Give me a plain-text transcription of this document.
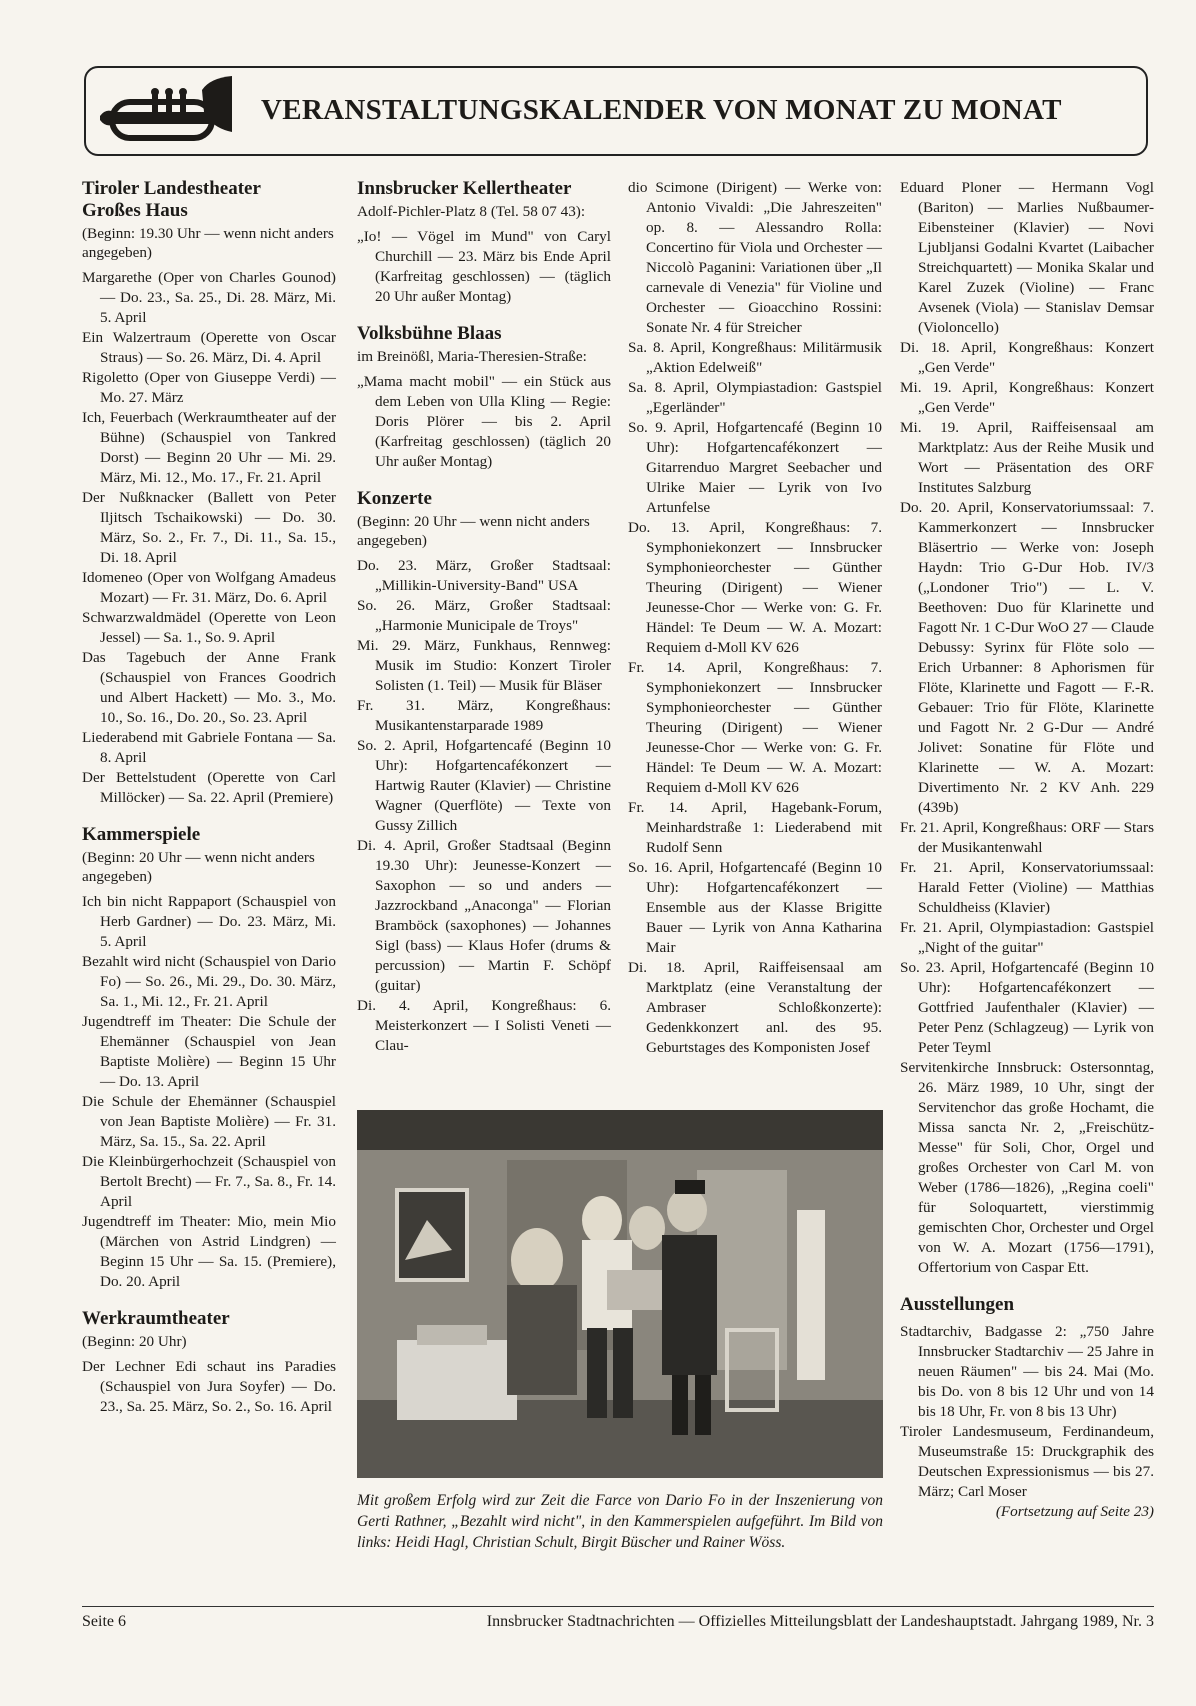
VERANSTALTUNGSKALENDER VON MONAT ZU MONAT
Tiroler Landestheater
Großes Haus
(Beginn: 19.30 Uhr — wenn nicht anders angegeben)
Margarethe (Oper von Charles Gounod) — Do. 23., Sa. 25., Di. 28. März, Mi. 5. April
Ein Walzertraum (Operette von Oscar Straus) — So. 26. März, Di. 4. April
Rigoletto (Oper von Giuseppe Verdi) — Mo. 27. März
Ich, Feuerbach (Werkraumtheater auf der Bühne) (Schauspiel von Tankred Dorst) — Beginn 20 Uhr — Mi. 29. März, Mi. 12., Mo. 17., Fr. 21. April
Der Nußknacker (Ballett von Peter Iljitsch Tschaikowski) — Do. 30. März, So. 2., Fr. 7., Di. 11., Sa. 15., Di. 18. April
Idomeneo (Oper von Wolfgang Amadeus Mozart) — Fr. 31. März, Do. 6. April
Schwarzwaldmädel (Operette von Leon Jessel) — Sa. 1., So. 9. April
Das Tagebuch der Anne Frank (Schauspiel von Frances Goodrich und Albert Hackett) — Mo. 3., Mo. 10., So. 16., Do. 20., So. 23. April
Liederabend mit Gabriele Fontana — Sa. 8. April
Der Bettelstudent (Operette von Carl Millöcker) — Sa. 22. April (Premiere)
Kammerspiele
(Beginn: 20 Uhr — wenn nicht anders angegeben)
Ich bin nicht Rappaport (Schauspiel von Herb Gardner) — Do. 23. März, Mi. 5. April
Bezahlt wird nicht (Schauspiel von Dario Fo) — So. 26., Mi. 29., Do. 30. März, Sa. 1., Mi. 12., Fr. 21. April
Jugendtreff im Theater: Die Schule der Ehemänner (Schauspiel von Jean Baptiste Molière) — Beginn 15 Uhr — Do. 13. April
Die Schule der Ehemänner (Schauspiel von Jean Baptiste Molière) — Fr. 31. März, Sa. 15., Sa. 22. April
Die Kleinbürgerhochzeit (Schauspiel von Bertolt Brecht) — Fr. 7., Sa. 8., Fr. 14. April
Jugendtreff im Theater: Mio, mein Mio (Märchen von Astrid Lindgren) — Beginn 15 Uhr — Sa. 15. (Premiere), Do. 20. April
Werkraumtheater
(Beginn: 20 Uhr)
Der Lechner Edi schaut ins Paradies (Schauspiel von Jura Soyfer) — Do. 23., Sa. 25. März, So. 2., So. 16. April
Innsbrucker Kellertheater
Adolf-Pichler-Platz 8 (Tel. 58 07 43):
„Io! — Vögel im Mund" von Caryl Churchill — 23. März bis Ende April (Karfreitag geschlossen) — (täglich 20 Uhr außer Montag)
Volksbühne Blaas
im Breinößl, Maria-Theresien-Straße:
„Mama macht mobil" — ein Stück aus dem Leben von Ulla Kling — Regie: Doris Plörer — bis 2. April (Karfreitag geschlossen) (täglich 20 Uhr außer Montag)
Konzerte
(Beginn: 20 Uhr — wenn nicht anders angegeben)
Do. 23. März, Großer Stadtsaal: „Millikin-University-Band" USA
So. 26. März, Großer Stadtsaal: „Harmonie Municipale de Troys"
Mi. 29. März, Funkhaus, Rennweg: Musik im Studio: Konzert Tiroler Solisten (1. Teil) — Musik für Bläser
Fr. 31. März, Kongreßhaus: Musikantenstarparade 1989
So. 2. April, Hofgartencafé (Beginn 10 Uhr): Hofgartencafékonzert — Hartwig Rauter (Klavier) — Christine Wagner (Querflöte) — Texte von Gussy Zillich
Di. 4. April, Großer Stadtsaal (Beginn 19.30 Uhr): Jeunesse-Konzert — Saxophon — so und anders — Jazzrockband „Anaconga" — Florian Bramböck (saxophones) — Johannes Sigl (bass) — Klaus Hofer (drums & percussion) — Martin F. Schöpf (guitar)
Di. 4. April, Kongreßhaus: 6. Meisterkonzert — I Solisti Veneti — Clau-
dio Scimone (Dirigent) — Werke von: Antonio Vivaldi: „Die Jahreszeiten" op. 8. — Alessandro Rolla: Concertino für Viola und Orchester — Niccolò Paganini: Variationen über „Il carnevale di Venezia" für Violine und Orchester — Gioacchino Rossini: Sonate Nr. 4 für Streicher
Sa. 8. April, Kongreßhaus: Militärmusik „Aktion Edelweiß"
Sa. 8. April, Olympiastadion: Gastspiel „Egerländer"
So. 9. April, Hofgartencafé (Beginn 10 Uhr): Hofgartencafékonzert — Gitarrenduo Margret Seebacher und Ulrike Maier — Lyrik von Ivo Artunfelse
Do. 13. April, Kongreßhaus: 7. Symphoniekonzert — Innsbrucker Symphonieorchester — Günther Theuring (Dirigent) — Wiener Jeunesse-Chor — Werke von: G. Fr. Händel: Te Deum — W. A. Mozart: Requiem d-Moll KV 626
Fr. 14. April, Kongreßhaus: 7. Symphoniekonzert — Innsbrucker Symphonieorchester — Günther Theuring (Dirigent) — Wiener Jeunesse-Chor — Werke von: G. Fr. Händel: Te Deum — W. A. Mozart: Requiem d-Moll KV 626
Fr. 14. April, Hagebank-Forum, Meinhardstraße 1: Liederabend mit Rudolf Senn
So. 16. April, Hofgartencafé (Beginn 10 Uhr): Hofgartencafékonzert — Ensemble aus der Klasse Brigitte Bauer — Lyrik von Anna Katharina Mair
Di. 18. April, Raiffeisensaal am Marktplatz (eine Veranstaltung der Ambraser Schloßkonzerte): Gedenkkonzert anl. des 95. Geburtstages des Komponisten Josef
Eduard Ploner — Hermann Vogl (Bariton) — Marlies Nußbaumer-Eibensteiner (Klavier) — Novi Ljubljansi Godalni Kvartet (Laibacher Streichquartett) — Monika Skalar und Karel Zuzek (Violine) — Franc Avsenek (Viola) — Stanislav Demsar (Violoncello)
Di. 18. April, Kongreßhaus: Konzert „Gen Verde"
Mi. 19. April, Kongreßhaus: Konzert „Gen Verde"
Mi. 19. April, Raiffeisensaal am Marktplatz: Aus der Reihe Musik und Wort — Präsentation des ORF Institutes Salzburg
Do. 20. April, Konservatoriumssaal: 7. Kammerkonzert — Innsbrucker Bläsertrio — Werke von: Joseph Haydn: Trio G-Dur Hob. IV/3 („Londoner Trio") — L. V. Beethoven: Duo für Klarinette und Fagott Nr. 1 C-Dur WoO 27 — Claude Debussy: Syrinx für Flöte solo — Erich Urbanner: 8 Aphorismen für Flöte, Klarinette und Fagott — F.-R. Gebauer: Trio für Flöte, Klarinette und Fagott Nr. 2 G-Dur — André Jolivet: Sonatine für Flöte und Klarinette — W. A. Mozart: Divertimento Nr. 2 KV Anh. 229 (439b)
Fr. 21. April, Kongreßhaus: ORF — Stars der Musikantenwahl
Fr. 21. April, Konservatoriumssaal: Harald Fetter (Violine) — Matthias Schuldheiss (Klavier)
Fr. 21. April, Olympiastadion: Gastspiel „Night of the guitar"
So. 23. April, Hofgartencafé (Beginn 10 Uhr): Hofgartencafékonzert — Gottfried Jaufenthaler (Klavier) — Peter Penz (Schlagzeug) — Lyrik von Peter Teyml
Servitenkirche Innsbruck: Ostersonntag, 26. März 1989, 10 Uhr, singt der Servitenchor das große Hochamt, die Missa sancta Nr. 2, „Freischütz-Messe" für Soli, Chor, Orgel und großes Orchester von Carl M. von Weber (1786—1826), „Regina coeli" für Soloquartett, vierstimmig gemischten Chor, Orchester und Orgel von W. A. Mozart (1756—1791), Offertorium von Caspar Ett.
Ausstellungen
Stadtarchiv, Badgasse 2: „750 Jahre Innsbrucker Stadtarchiv — 25 Jahre in neuen Räumen" — bis 24. Mai (Mo. bis Do. von 8 bis 12 Uhr und von 14 bis 18 Uhr, Fr. von 8 bis 13 Uhr)
Tiroler Landesmuseum, Ferdinandeum, Museumstraße 15: Druckgraphik des Deutschen Expressionismus — bis 27. März; Carl Moser
(Fortsetzung auf Seite 23)
Mit großem Erfolg wird zur Zeit die Farce von Dario Fo in der Inszenierung von Gerti Rathner, „Bezahlt wird nicht", in den Kammerspielen aufgeführt. Im Bild von links: Heidi Hagl, Christian Schult, Birgit Büscher und Rainer Wöss.
Seite 6	Innsbrucker Stadtnachrichten — Offizielles Mitteilungsblatt der Landeshauptstadt. Jahrgang 1989, Nr. 3
